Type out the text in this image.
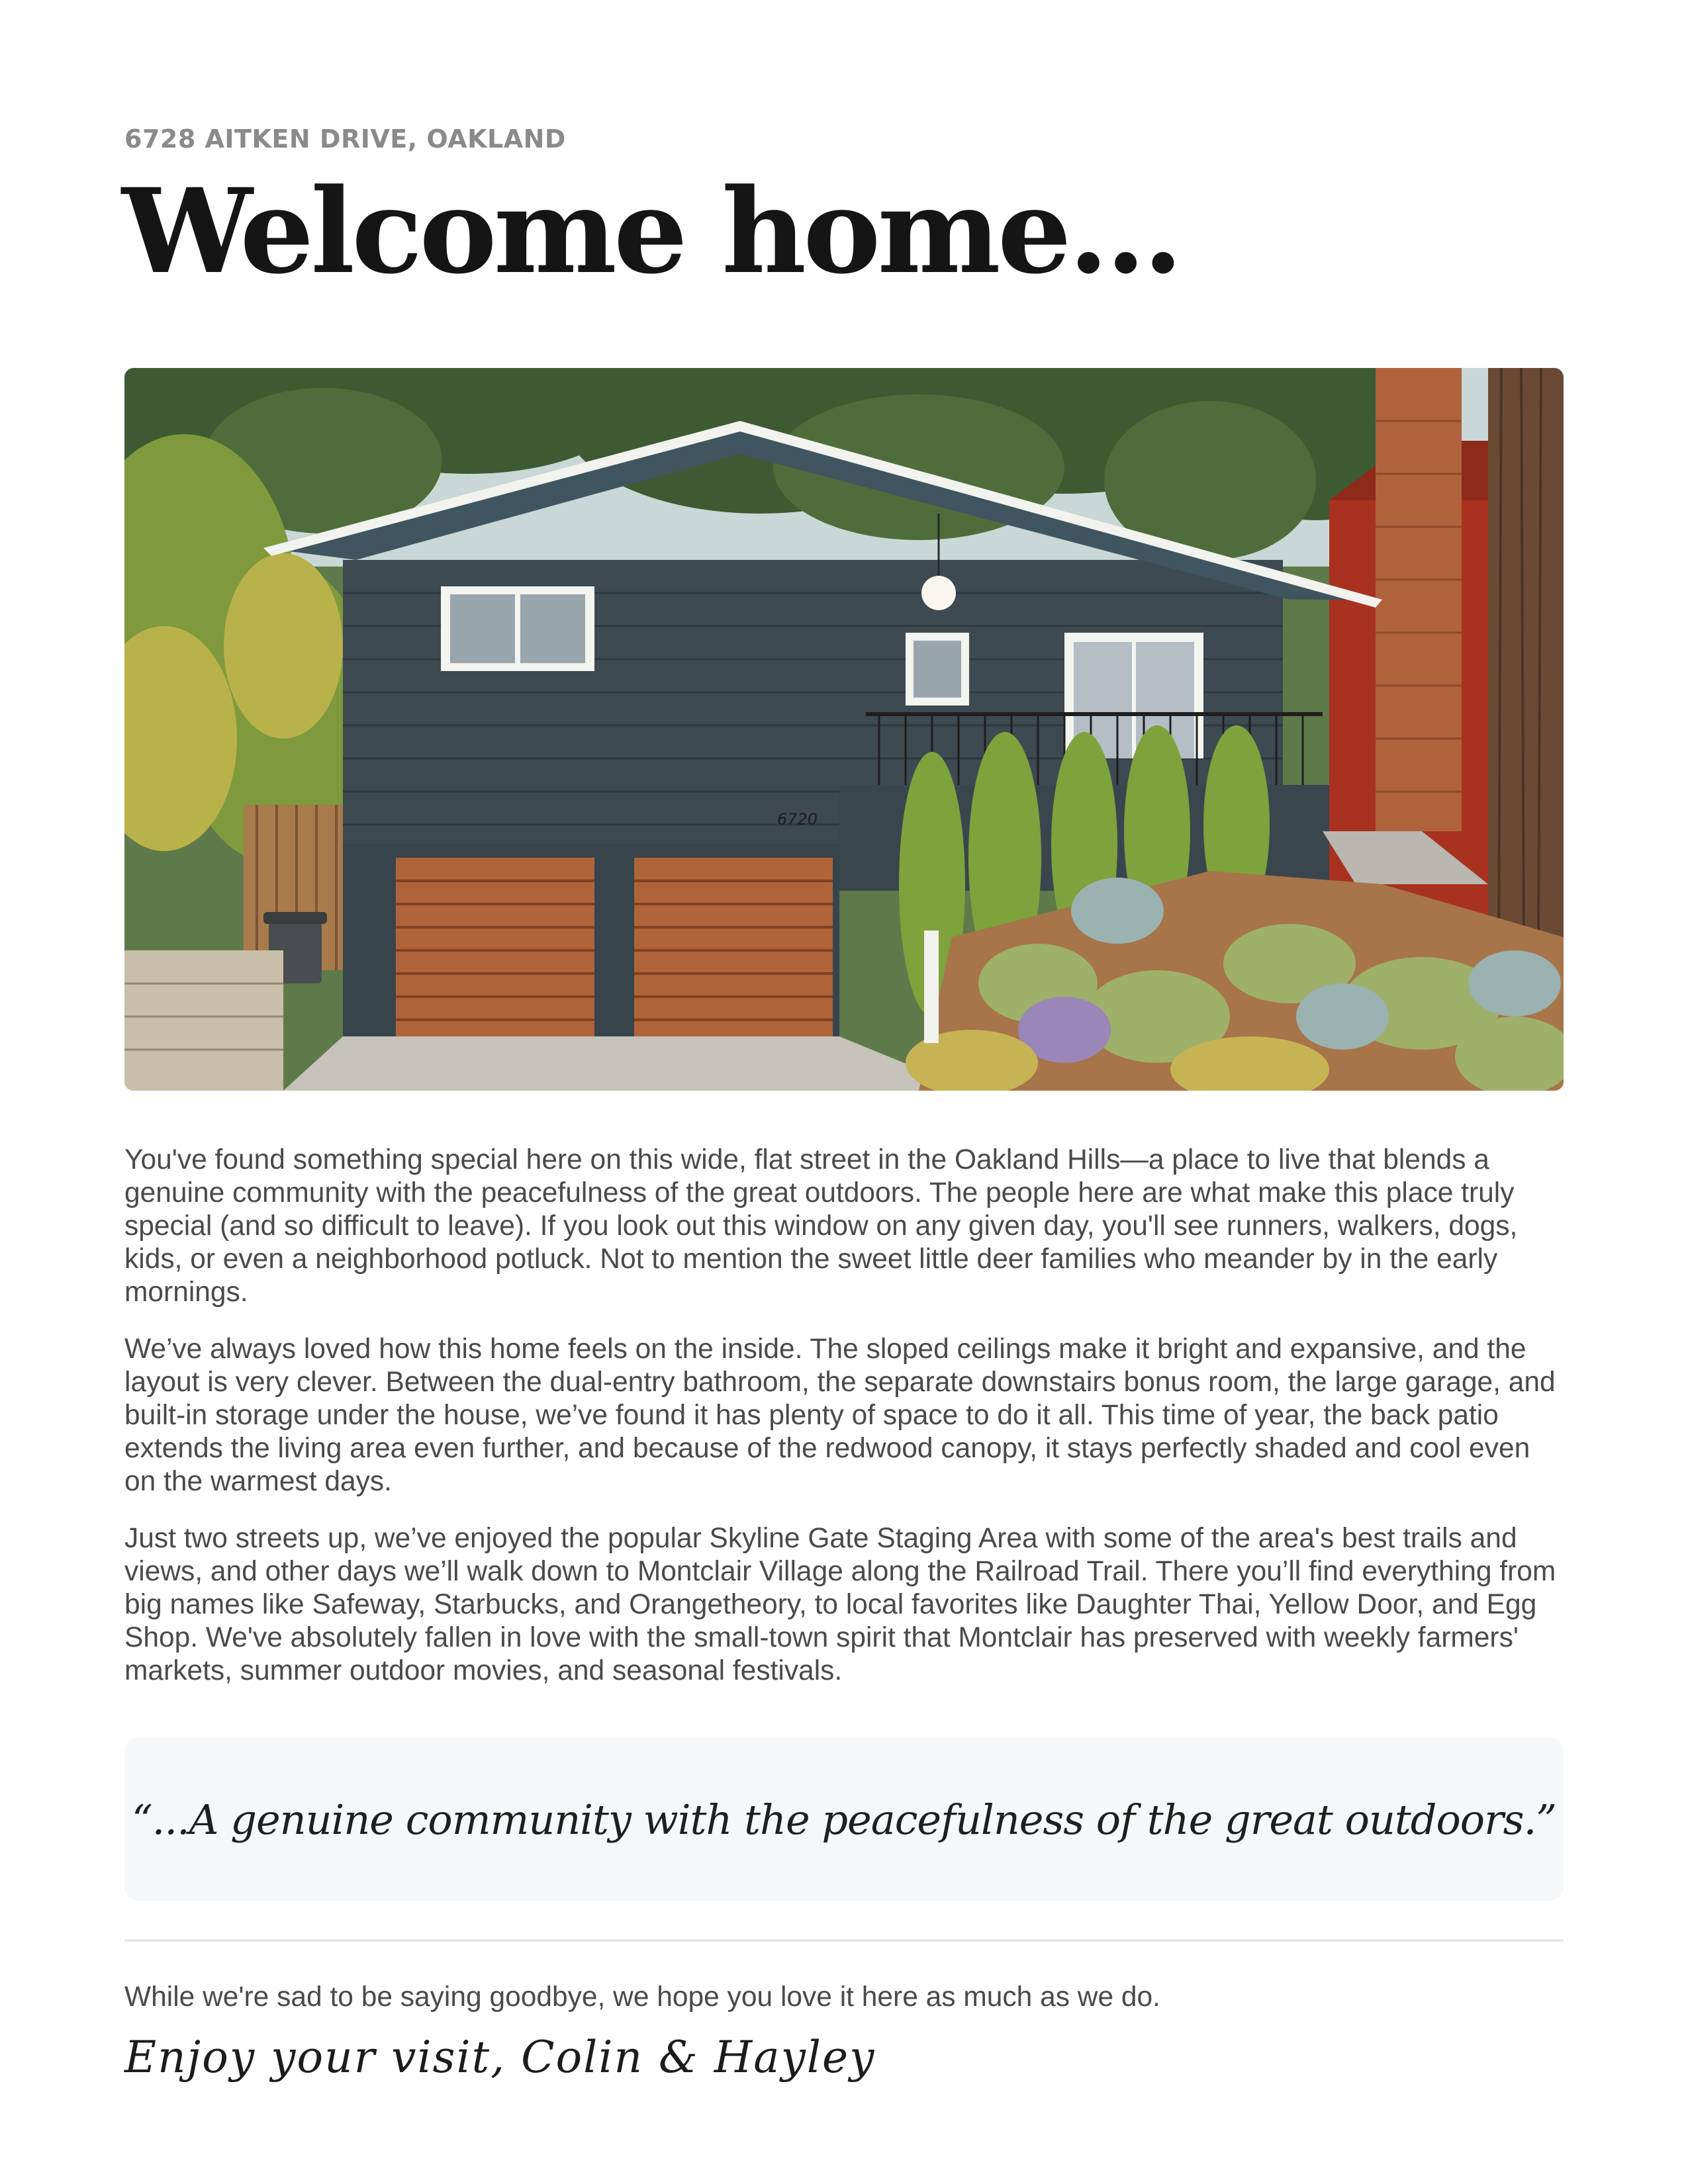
6728 AITKEN DRIVE, OAKLAND
Welcome home...
6720

You've found something special here on this wide, flat street in the Oakland Hills—a place to live that blends a genuine community with the peacefulness of the great outdoors. The people here are what make this place truly special (and so difficult to leave). If you look out this window on any given day, you'll see runners, walkers, dogs, kids, or even a neighborhood potluck. Not to mention the sweet little deer families who meander by in the early mornings.

We’ve always loved how this home feels on the inside. The sloped ceilings make it bright and expansive, and the layout is very clever. Between the dual-entry bathroom, the separate downstairs bonus room, the large garage, and built-in storage under the house, we’ve found it has plenty of space to do it all. This time of year, the back patio extends the living area even further, and because of the redwood canopy, it stays perfectly shaded and cool even on the warmest days.

Just two streets up, we’ve enjoyed the popular Skyline Gate Staging Area with some of the area's best trails and views, and other days we’ll walk down to Montclair Village along the Railroad Trail. There you’ll find everything from big names like Safeway, Starbucks, and Orangetheory, to local favorites like Daughter Thai, Yellow Door, and Egg Shop. We've absolutely fallen in love with the small-town spirit that Montclair has preserved with weekly farmers' markets, summer outdoor movies, and seasonal festivals.

“...A genuine community with the peacefulness of the great outdoors.”
While we're sad to be saying goodbye, we hope you love it here as much as we do.
Enjoy your visit, Colin & Hayley
